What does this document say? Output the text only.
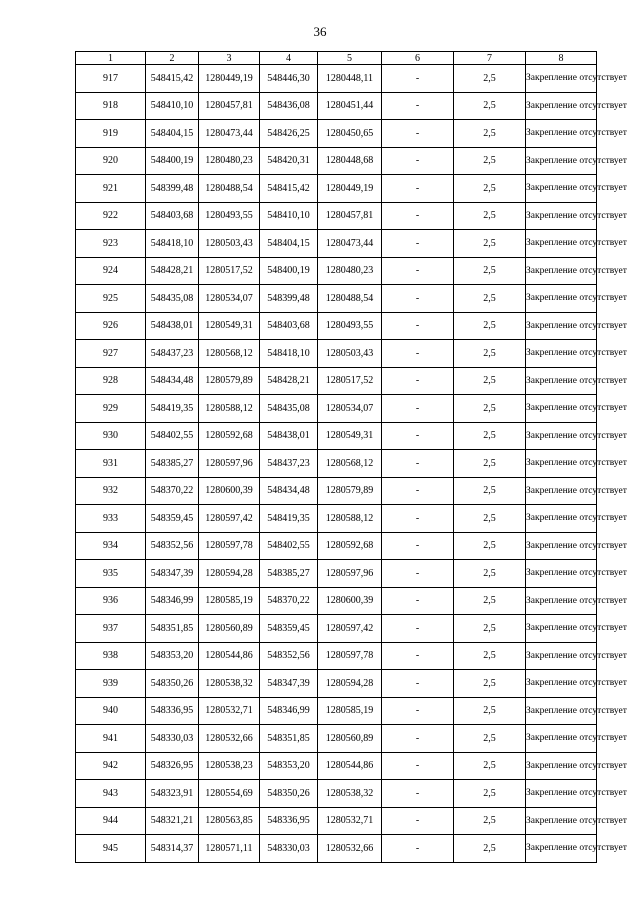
36
1	2	3	4	5	6	7	8
917	548415,42	1280449,19	548446,30	1280448,11	-	2,5	Закрепление отсутствует
918	548410,10	1280457,81	548436,08	1280451,44	-	2,5	Закрепление отсутствует
919	548404,15	1280473,44	548426,25	1280450,65	-	2,5	Закрепление отсутствует
920	548400,19	1280480,23	548420,31	1280448,68	-	2,5	Закрепление отсутствует
921	548399,48	1280488,54	548415,42	1280449,19	-	2,5	Закрепление отсутствует
922	548403,68	1280493,55	548410,10	1280457,81	-	2,5	Закрепление отсутствует
923	548418,10	1280503,43	548404,15	1280473,44	-	2,5	Закрепление отсутствует
924	548428,21	1280517,52	548400,19	1280480,23	-	2,5	Закрепление отсутствует
925	548435,08	1280534,07	548399,48	1280488,54	-	2,5	Закрепление отсутствует
926	548438,01	1280549,31	548403,68	1280493,55	-	2,5	Закрепление отсутствует
927	548437,23	1280568,12	548418,10	1280503,43	-	2,5	Закрепление отсутствует
928	548434,48	1280579,89	548428,21	1280517,52	-	2,5	Закрепление отсутствует
929	548419,35	1280588,12	548435,08	1280534,07	-	2,5	Закрепление отсутствует
930	548402,55	1280592,68	548438,01	1280549,31	-	2,5	Закрепление отсутствует
931	548385,27	1280597,96	548437,23	1280568,12	-	2,5	Закрепление отсутствует
932	548370,22	1280600,39	548434,48	1280579,89	-	2,5	Закрепление отсутствует
933	548359,45	1280597,42	548419,35	1280588,12	-	2,5	Закрепление отсутствует
934	548352,56	1280597,78	548402,55	1280592,68	-	2,5	Закрепление отсутствует
935	548347,39	1280594,28	548385,27	1280597,96	-	2,5	Закрепление отсутствует
936	548346,99	1280585,19	548370,22	1280600,39	-	2,5	Закрепление отсутствует
937	548351,85	1280560,89	548359,45	1280597,42	-	2,5	Закрепление отсутствует
938	548353,20	1280544,86	548352,56	1280597,78	-	2,5	Закрепление отсутствует
939	548350,26	1280538,32	548347,39	1280594,28	-	2,5	Закрепление отсутствует
940	548336,95	1280532,71	548346,99	1280585,19	-	2,5	Закрепление отсутствует
941	548330,03	1280532,66	548351,85	1280560,89	-	2,5	Закрепление отсутствует
942	548326,95	1280538,23	548353,20	1280544,86	-	2,5	Закрепление отсутствует
943	548323,91	1280554,69	548350,26	1280538,32	-	2,5	Закрепление отсутствует
944	548321,21	1280563,85	548336,95	1280532,71	-	2,5	Закрепление отсутствует
945	548314,37	1280571,11	548330,03	1280532,66	-	2,5	Закрепление отсутствует
